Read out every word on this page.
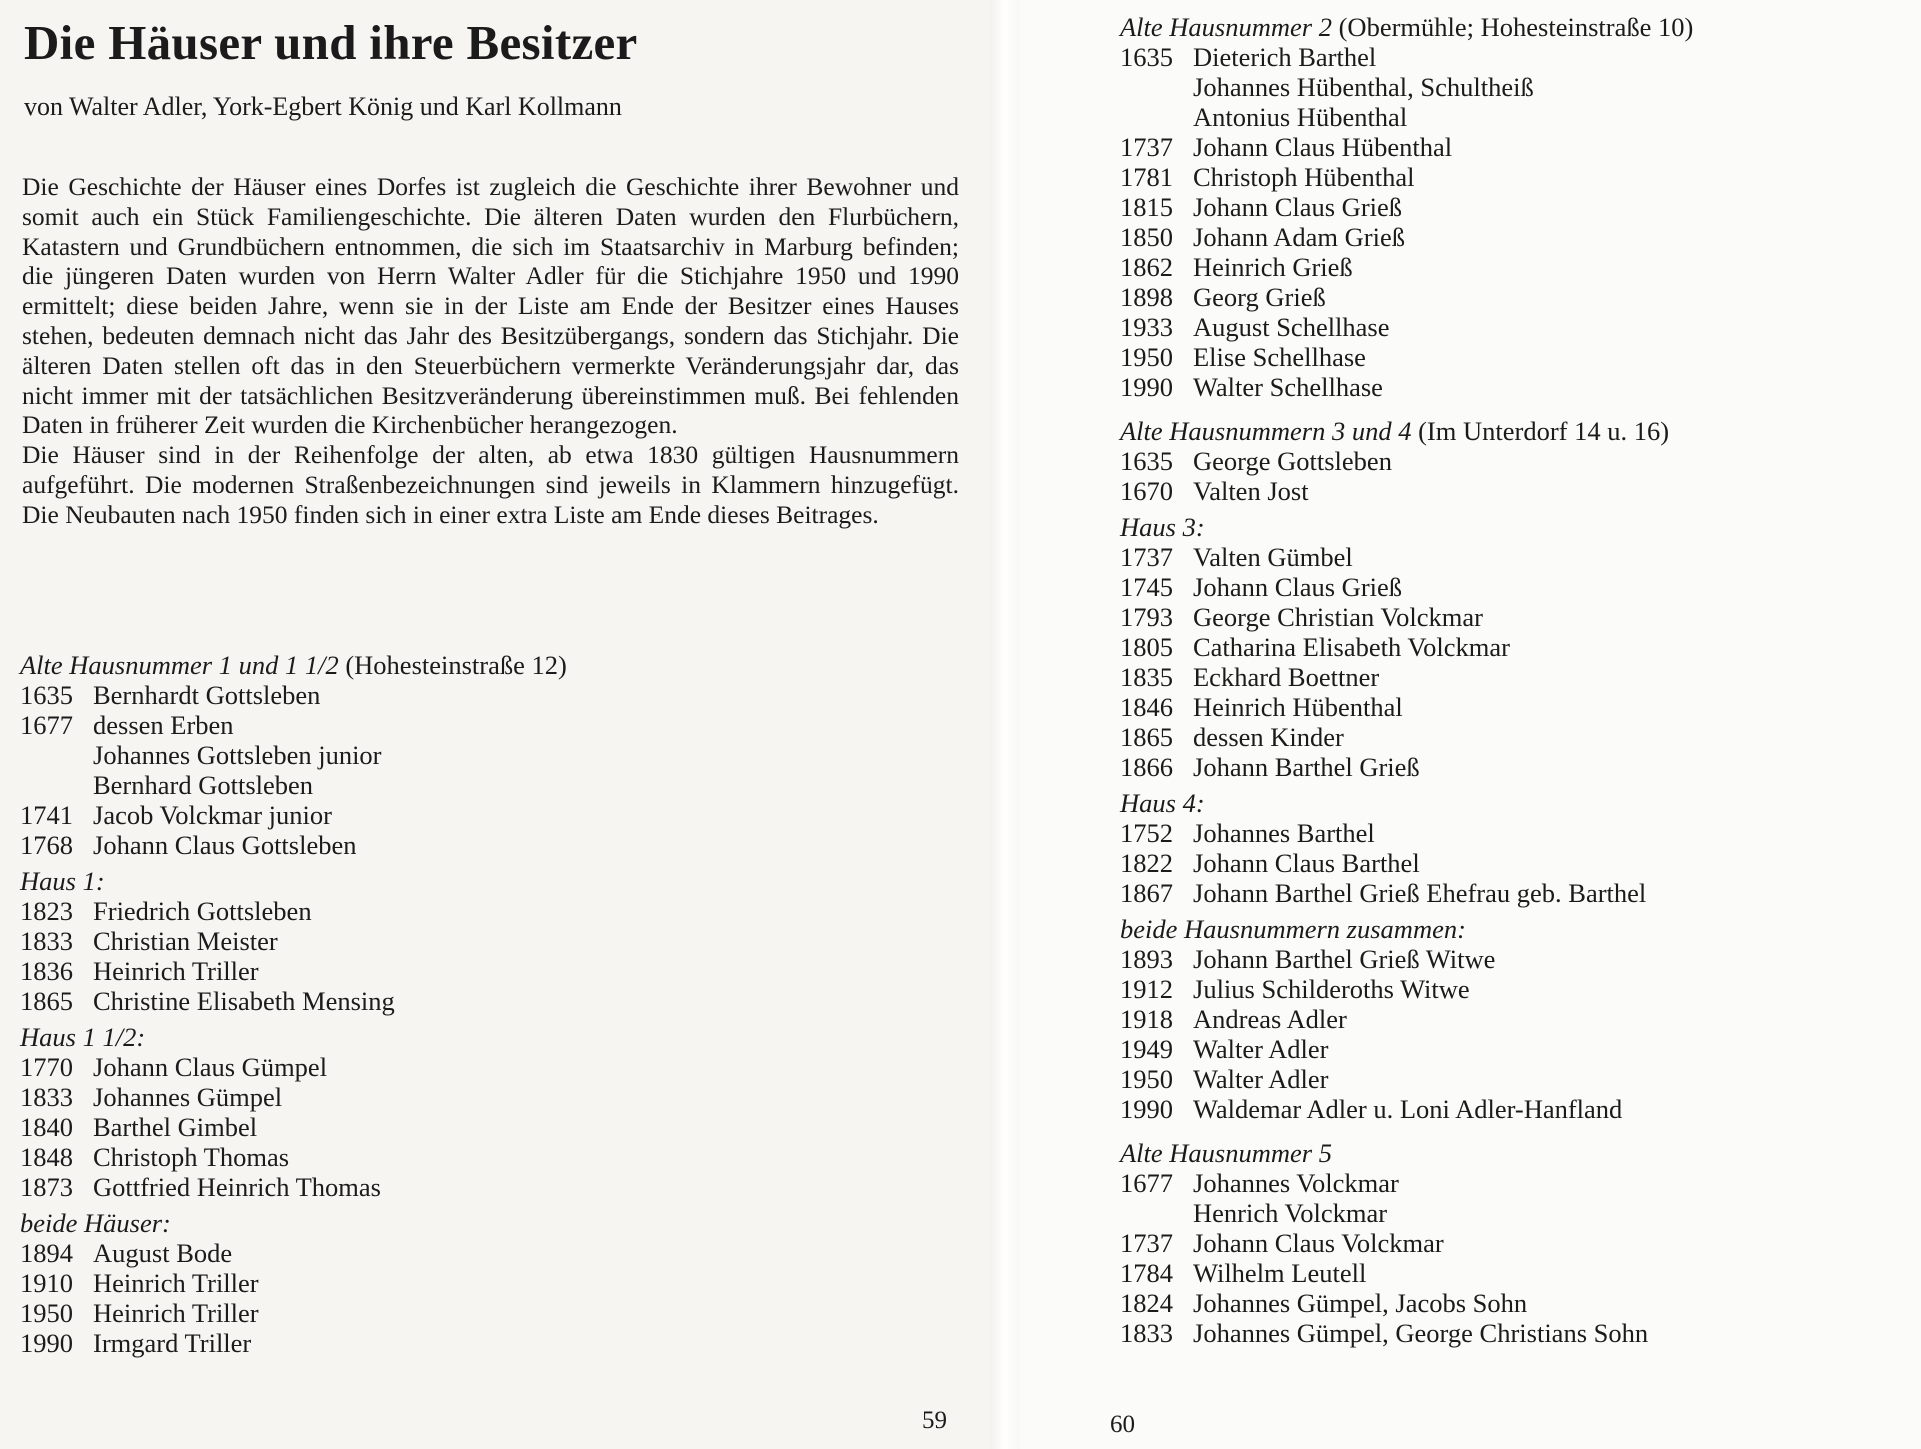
Die Häuser und ihre Besitzer
von Walter Adler, York-Egbert König und Karl Kollmann

Die Geschichte der Häuser eines Dorfes ist zugleich die Geschichte ihrer Bewohner und somit auch ein Stück Familiengeschichte. Die älteren Daten wurden den Flurbüchern, Katastern und Grundbüchern entnommen, die sich im Staatsarchiv in Marburg befinden; die jüngeren Daten wurden von Herrn Walter Adler für die Stichjahre 1950 und 1990 ermittelt; diese beiden Jahre, wenn sie in der Liste am Ende der Besitzer eines Hauses stehen, bedeuten demnach nicht das Jahr des Besitzübergangs, sondern das Stichjahr. Die älteren Daten stellen oft das in den Steuerbüchern vermerkte Veränderungsjahr dar, das nicht immer mit der tatsächlichen Besitzveränderung übereinstimmen muß. Bei fehlenden Daten in früherer Zeit wurden die Kirchenbücher herangezogen.

Die Häuser sind in der Reihenfolge der alten, ab etwa 1830 gültigen Hausnummern aufgeführt. Die modernen Straßenbezeichnungen sind jeweils in Klammern hinzugefügt. Die Neubauten nach 1950 finden sich in einer extra Liste am Ende dieses Beitrages.

Alte Hausnummer 1 und 1 1/2 (Hohesteinstraße 12)
1635 Bernhardt Gottsleben
1677 dessen Erben
Johannes Gottsleben junior
Bernhard Gottsleben
1741 Jacob Volckmar junior
1768 Johann Claus Gottsleben
Haus 1:
1823 Friedrich Gottsleben
1833 Christian Meister
1836 Heinrich Triller
1865 Christine Elisabeth Mensing
Haus 1 1/2:
1770 Johann Claus Gümpel
1833 Johannes Gümpel
1840 Barthel Gimbel
1848 Christoph Thomas
1873 Gottfried Heinrich Thomas
beide Häuser:
1894 August Bode
1910 Heinrich Triller
1950 Heinrich Triller
1990 Irmgard Triller
59
Alte Hausnummer 2 (Obermühle; Hohesteinstraße 10)
1635 Dieterich Barthel
Johannes Hübenthal, Schultheiß
Antonius Hübenthal
1737 Johann Claus Hübenthal
1781 Christoph Hübenthal
1815 Johann Claus Grieß
1850 Johann Adam Grieß
1862 Heinrich Grieß
1898 Georg Grieß
1933 August Schellhase
1950 Elise Schellhase
1990 Walter Schellhase
Alte Hausnummern 3 und 4 (Im Unterdorf 14 u. 16)
1635 George Gottsleben
1670 Valten Jost
Haus 3:
1737 Valten Gümbel
1745 Johann Claus Grieß
1793 George Christian Volckmar
1805 Catharina Elisabeth Volckmar
1835 Eckhard Boettner
1846 Heinrich Hübenthal
1865 dessen Kinder
1866 Johann Barthel Grieß
Haus 4:
1752 Johannes Barthel
1822 Johann Claus Barthel
1867 Johann Barthel Grieß Ehefrau geb. Barthel
beide Hausnummern zusammen:
1893 Johann Barthel Grieß Witwe
1912 Julius Schilderoths Witwe
1918 Andreas Adler
1949 Walter Adler
1950 Walter Adler
1990 Waldemar Adler u. Loni Adler-Hanfland
Alte Hausnummer 5
1677 Johannes Volckmar
Henrich Volckmar
1737 Johann Claus Volckmar
1784 Wilhelm Leutell
1824 Johannes Gümpel, Jacobs Sohn
1833 Johannes Gümpel, George Christians Sohn
60
